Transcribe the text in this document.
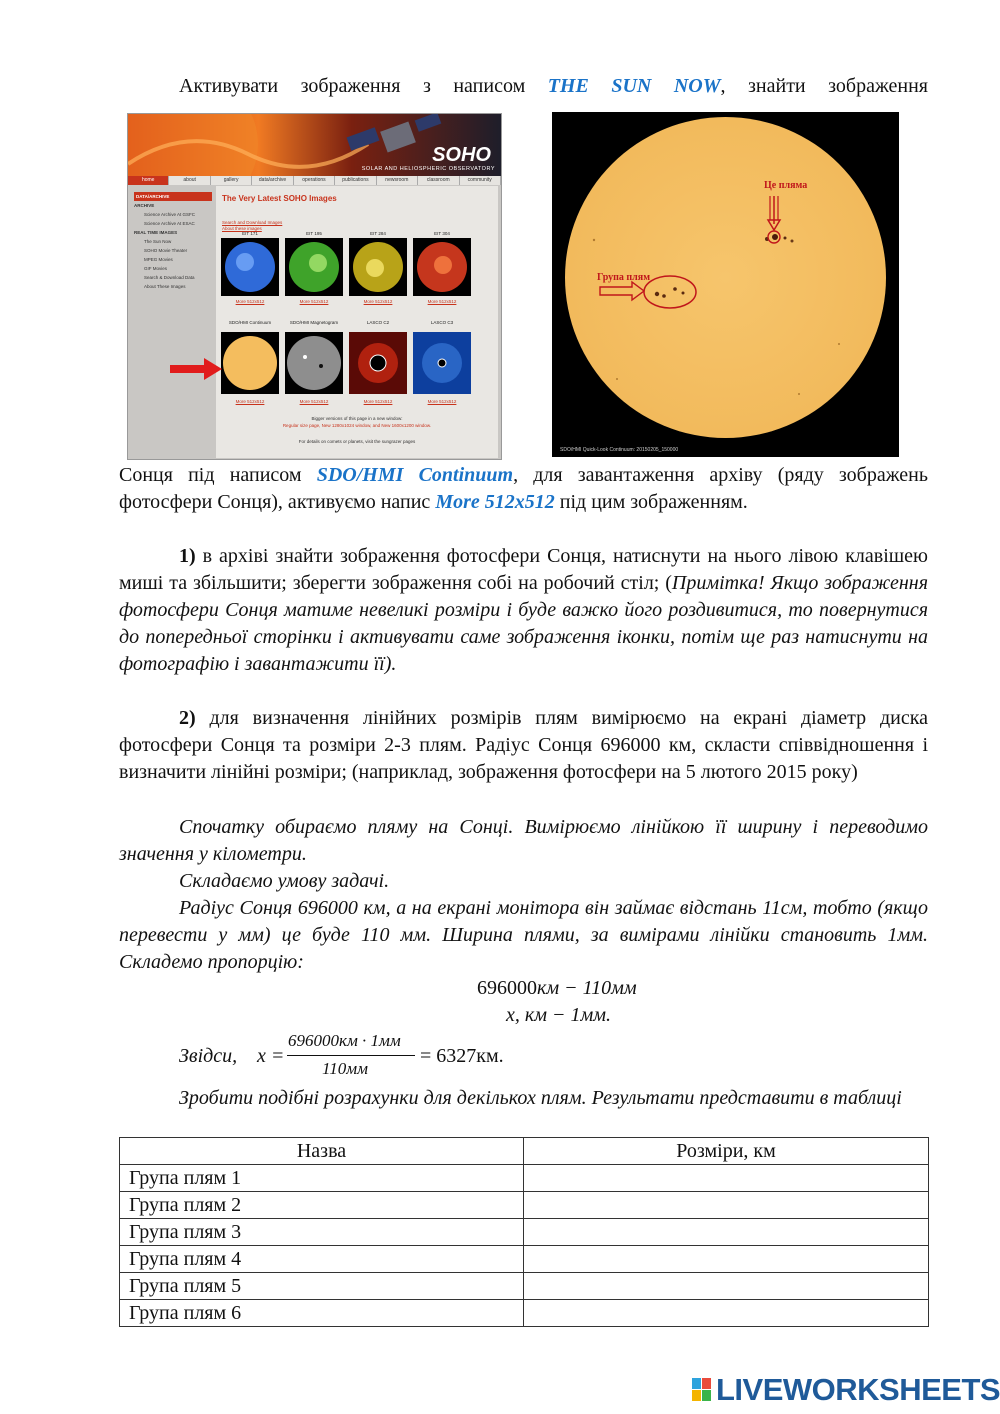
Активувати зображення з написом THE SUN NOW, знайти зображення
SOHO
SOLAR AND HELIOSPHERIC OBSERVATORY
home	about	gallery	data/archive	operations	publications	newsroom	classroom	community
DATA/ARCHIVE
ARCHIVE
Science Archive At GSFC
Science Archive At ESAC
REAL TIME IMAGES
The Sun Now
SOHO Movie Theater
MPEG Movies
GIF Movies
Search & Download Data
About These Images
The Very Latest SOHO Images
Search and Download Images
About these images
EIT 171	EIT 195	EIT 284	EIT 304
More 512x512	More 512x512	More 512x512	More 512x512
SDO/HMI Continuum	SDO/HMI Magnetogram	LASCO C2	LASCO C3
More 512x512	More 512x512	More 512x512	More 512x512
Bigger versions of this page in a new window:
Regular size page, New 1280x1024 window, and New 1600x1200 window.
For details on comets or planets, visit the sungrazer pages
Це пляма
Група плям
SDO/HMI Quick-Look Continuum: 20150205_150000
Сонця під написом SDO/HMI Continuum, для завантаження архіву (ряду зображень фотосфери Сонця), активуємо напис More 512x512 під цим зображенням.
1) в архіві знайти зображення фотосфери Сонця, натиснути на нього лівою клавішею миші та збільшити; зберегти зображення собі на робочий стіл; (Примітка! Якщо зображення фотосфери Сонця матиме невеликі розміри і буде важко його роздивитися, то повернутися до попередньої сторінки і активувати саме зображення іконки, потім ще раз натиснути на фотографію і завантажити її).
2) для визначення лінійних розмірів плям вимірюємо на екрані діаметр диска фотосфери Сонця та розміри 2-3 плям. Радіус Сонця 696000 км, скласти співвідношення і визначити лінійні розміри; (наприклад, зображення фотосфери на 5 лютого 2015 року)
Спочатку обираємо пляму на Сонці. Вимірюємо лінійкою її ширину і переводимо значення у кілометри.
Складаємо умову задачі.
Радіус Сонця 696000 км, а на екрані монітора він займає відстань 11см, тобто (якщо перевести у мм) це буде 110 мм. Ширина плями, за вимірами лінійки становить 1мм. Складемо пропорцію:
696000км − 110мм
x, км − 1мм.
Звідси, x =
696000км · 1мм
110мм
= 6327км.
Зробити подібні розрахунки для декількох плям. Результати представити в таблиці
Назва	Розміри, км
Група плям 1	
Група плям 2	
Група плям 3	
Група плям 4	
Група плям 5	
Група плям 6	
LIVEWORKSHEETS
